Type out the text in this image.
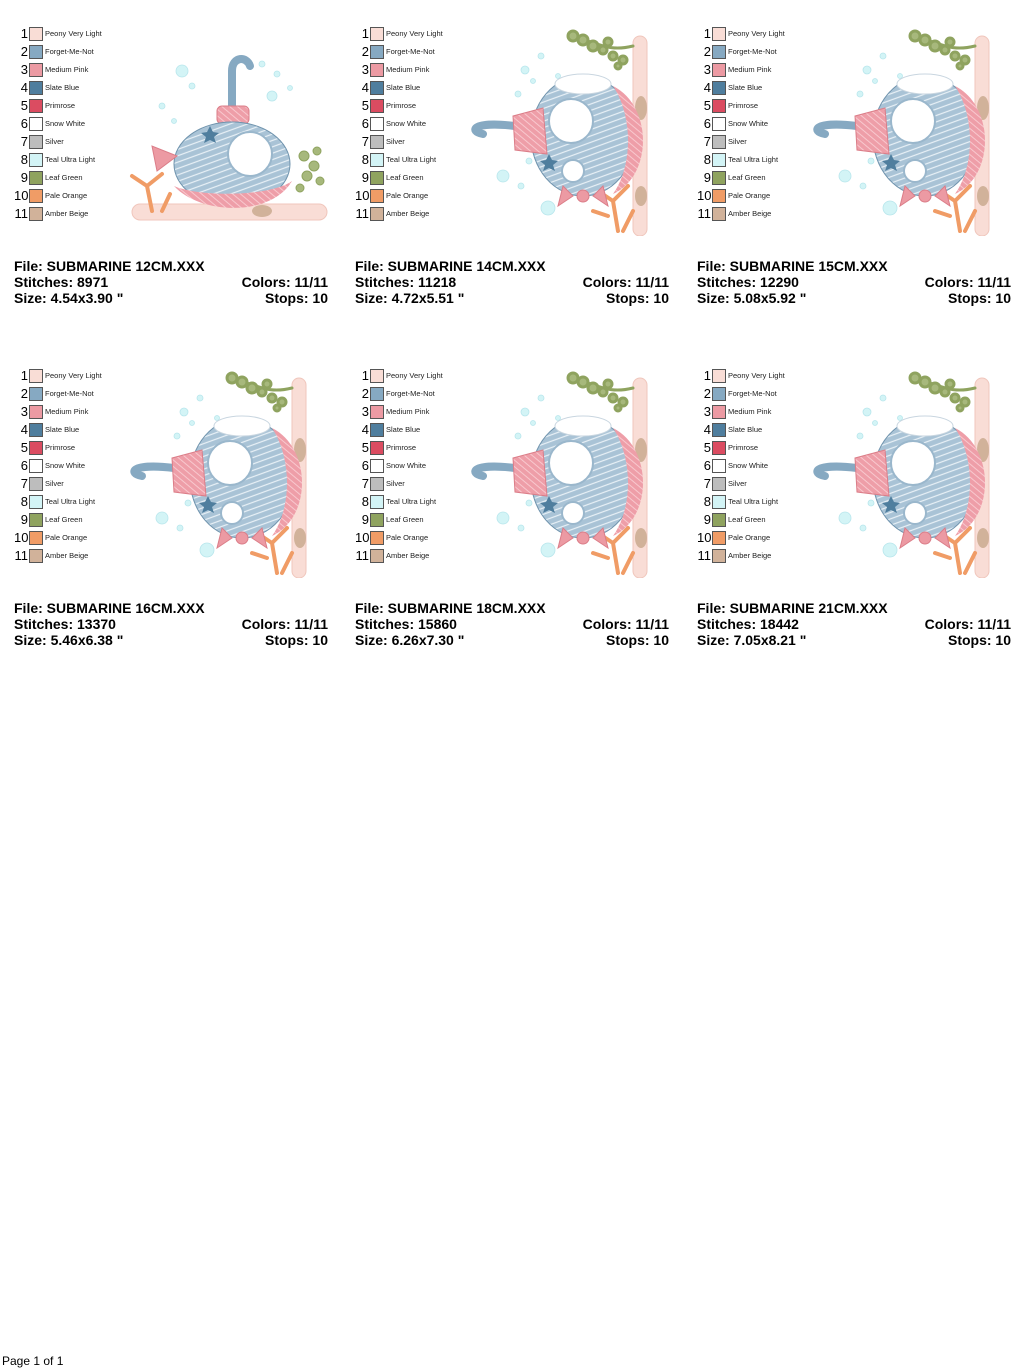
1 Peony Very Light
2 Forget-Me-Not
3 Medium Pink
4 Slate Blue
5 Primrose
6 Snow White
7 Silver
8 Teal Ultra Light
9 Leaf Green
10 Pale Orange
11 Amber Beige
File: SUBMARINE 12CM.XXX
Stitches: 8971	Colors: 11/11
Size: 4.54x3.90 "	Stops: 10
1 Peony Very Light
2 Forget-Me-Not
3 Medium Pink
4 Slate Blue
5 Primrose
6 Snow White
7 Silver
8 Teal Ultra Light
9 Leaf Green
10 Pale Orange
11 Amber Beige
File: SUBMARINE 14CM.XXX
Stitches: 11218	Colors: 11/11
Size: 4.72x5.51 "	Stops: 10
1 Peony Very Light
2 Forget-Me-Not
3 Medium Pink
4 Slate Blue
5 Primrose
6 Snow White
7 Silver
8 Teal Ultra Light
9 Leaf Green
10 Pale Orange
11 Amber Beige
File: SUBMARINE 15CM.XXX
Stitches: 12290	Colors: 11/11
Size: 5.08x5.92 "	Stops: 10
1 Peony Very Light
2 Forget-Me-Not
3 Medium Pink
4 Slate Blue
5 Primrose
6 Snow White
7 Silver
8 Teal Ultra Light
9 Leaf Green
10 Pale Orange
11 Amber Beige
File: SUBMARINE 16CM.XXX
Stitches: 13370	Colors: 11/11
Size: 5.46x6.38 "	Stops: 10
1 Peony Very Light
2 Forget-Me-Not
3 Medium Pink
4 Slate Blue
5 Primrose
6 Snow White
7 Silver
8 Teal Ultra Light
9 Leaf Green
10 Pale Orange
11 Amber Beige
File: SUBMARINE 18CM.XXX
Stitches: 15860	Colors: 11/11
Size: 6.26x7.30 "	Stops: 10
1 Peony Very Light
2 Forget-Me-Not
3 Medium Pink
4 Slate Blue
5 Primrose
6 Snow White
7 Silver
8 Teal Ultra Light
9 Leaf Green
10 Pale Orange
11 Amber Beige
File: SUBMARINE 21CM.XXX
Stitches: 18442	Colors: 11/11
Size: 7.05x8.21 "	Stops: 10
Page 1 of 1
